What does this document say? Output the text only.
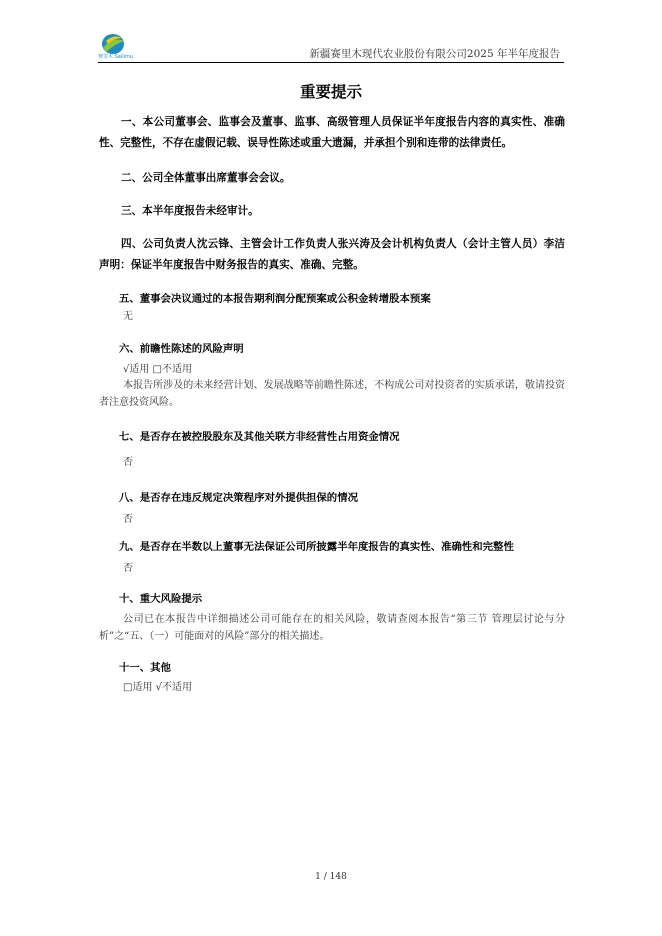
赛里木 Sailimu	新疆赛里木现代农业股份有限公司2025 年半年度报告
重要提示

一、本公司董事会、监事会及董事、监事、高级管理人员保证半年度报告内容的真实性、准确性、完整性，不存在虚假记载、误导性陈述或重大遗漏，并承担个别和连带的法律责任。

二、公司全体董事出席董事会会议。

三、本半年度报告未经审计。

四、公司负责人沈云锋、主管会计工作负责人张兴涛及会计机构负责人（会计主管人员）李洁声明：保证半年度报告中财务报告的真实、准确、完整。

五、董事会决议通过的本报告期利润分配预案或公积金转增股本预案

无

六、前瞻性陈述的风险声明

√适用 □不适用

本报告所涉及的未来经营计划、发展战略等前瞻性陈述，不构成公司对投资者的实质承诺，敬请投资者注意投资风险。

七、是否存在被控股股东及其他关联方非经营性占用资金情况

否

八、是否存在违反规定决策程序对外提供担保的情况

否

九、是否存在半数以上董事无法保证公司所披露半年度报告的真实性、准确性和完整性

否

十、重大风险提示

公司已在本报告中详细描述公司可能存在的相关风险，敬请查阅本报告“第三节 管理层讨论与分析”之“五、（一）可能面对的风险”部分的相关描述。

十一、其他

□适用 √不适用

1 / 148
